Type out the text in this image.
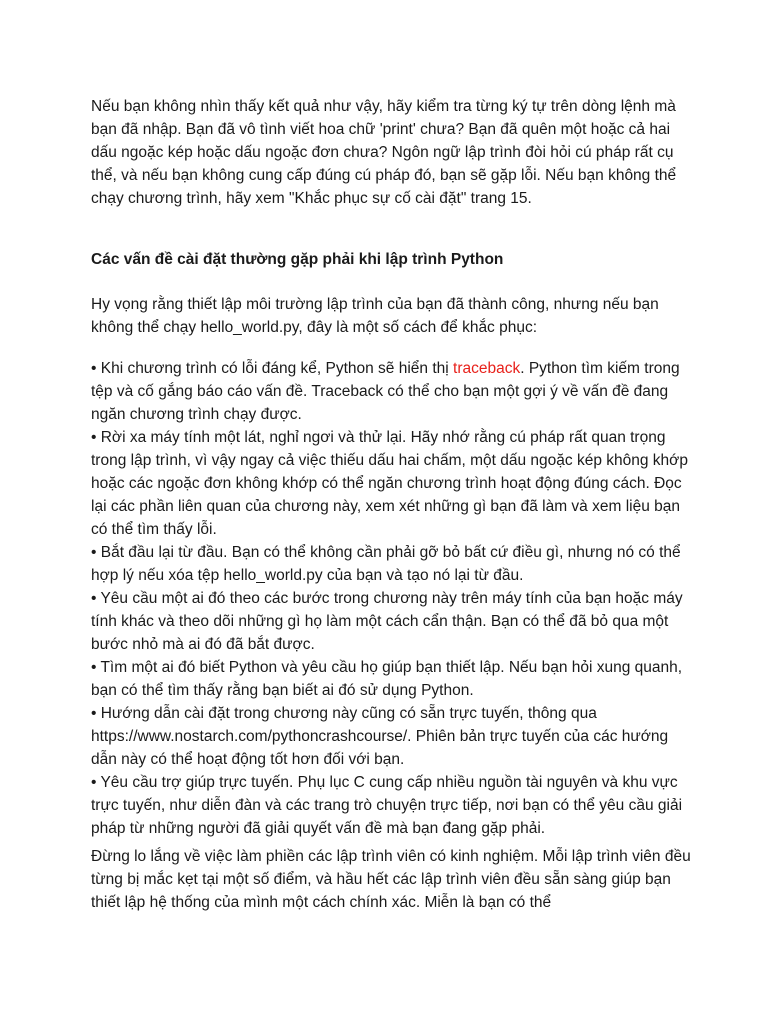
Nếu bạn không nhìn thấy kết quả như vậy, hãy kiểm tra từng ký tự trên dòng lệnh mà bạn đã nhập. Bạn đã vô tình viết hoa chữ 'print' chưa? Bạn đã quên một hoặc cả hai dấu ngoặc kép hoặc dấu ngoặc đơn chưa? Ngôn ngữ lập trình đòi hỏi cú pháp rất cụ thể, và nếu bạn không cung cấp đúng cú pháp đó, bạn sẽ gặp lỗi. Nếu bạn không thể chạy chương trình, hãy xem "Khắc phục sự cố cài đặt" trang 15.

Các vấn đề cài đặt thường gặp phải khi lập trình Python

Hy vọng rằng thiết lập môi trường lập trình của bạn đã thành công, nhưng nếu bạn không thể chạy hello_world.py, đây là một số cách để khắc phục:

• Khi chương trình có lỗi đáng kể, Python sẽ hiển thị traceback. Python tìm kiếm trong tệp và cố gắng báo cáo vấn đề. Traceback có thể cho bạn một gợi ý về vấn đề đang ngăn chương trình chạy được.

• Rời xa máy tính một lát, nghỉ ngơi và thử lại. Hãy nhớ rằng cú pháp rất quan trọng trong lập trình, vì vậy ngay cả việc thiếu dấu hai chấm, một dấu ngoặc kép không khớp hoặc các ngoặc đơn không khớp có thể ngăn chương trình hoạt động đúng cách. Đọc lại các phần liên quan của chương này, xem xét những gì bạn đã làm và xem liệu bạn có thể tìm thấy lỗi.

• Bắt đầu lại từ đầu. Bạn có thể không cần phải gỡ bỏ bất cứ điều gì, nhưng nó có thể hợp lý nếu xóa tệp hello_world.py của bạn và tạo nó lại từ đầu.

• Yêu cầu một ai đó theo các bước trong chương này trên máy tính của bạn hoặc máy tính khác và theo dõi những gì họ làm một cách cẩn thận. Bạn có thể đã bỏ qua một bước nhỏ mà ai đó đã bắt được.

• Tìm một ai đó biết Python và yêu cầu họ giúp bạn thiết lập. Nếu bạn hỏi xung quanh, bạn có thể tìm thấy rằng bạn biết ai đó sử dụng Python.

• Hướng dẫn cài đặt trong chương này cũng có sẵn trực tuyến, thông qua https://www.nostarch.com/pythoncrashcourse/. Phiên bản trực tuyến của các hướng dẫn này có thể hoạt động tốt hơn đối với bạn.

• Yêu cầu trợ giúp trực tuyến. Phụ lục C cung cấp nhiều nguồn tài nguyên và khu vực trực tuyến, như diễn đàn và các trang trò chuyện trực tiếp, nơi bạn có thể yêu cầu giải pháp từ những người đã giải quyết vấn đề mà bạn đang gặp phải.

Đừng lo lắng về việc làm phiền các lập trình viên có kinh nghiệm. Mỗi lập trình viên đều từng bị mắc kẹt tại một số điểm, và hầu hết các lập trình viên đều sẵn sàng giúp bạn thiết lập hệ thống của mình một cách chính xác. Miễn là bạn có thể
